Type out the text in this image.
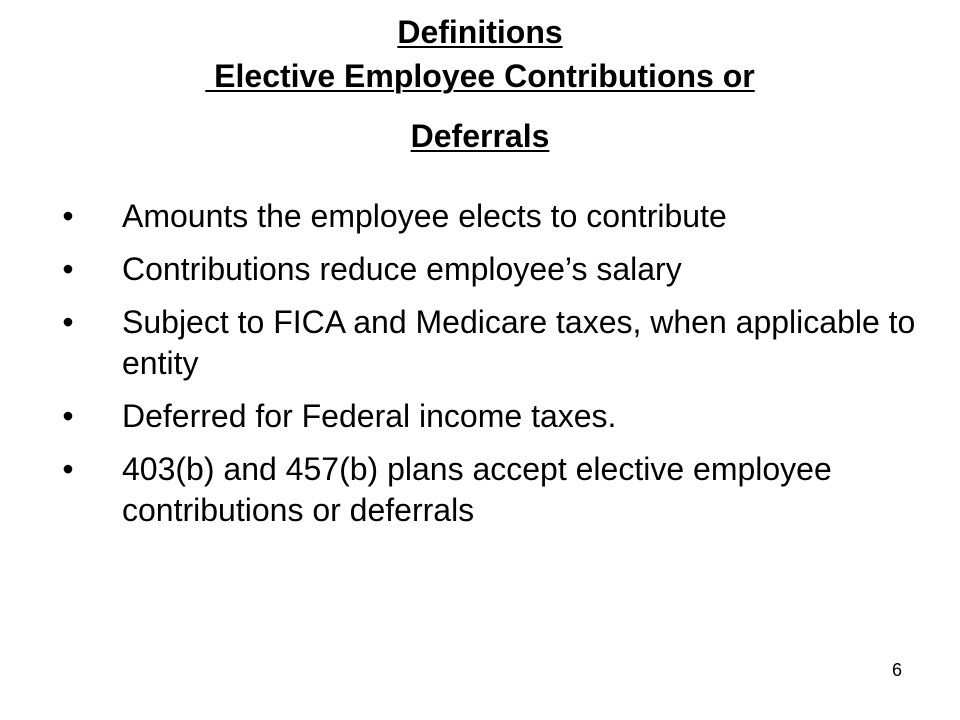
Definitions
Elective Employee Contributions or
Deferrals
• Amounts the employee elects to contribute
• Contributions reduce employee’s salary
• Subject to FICA and Medicare taxes, when applicable to entity
• Deferred for Federal income taxes.
• 403(b) and 457(b) plans accept elective employee contributions or deferrals
6
